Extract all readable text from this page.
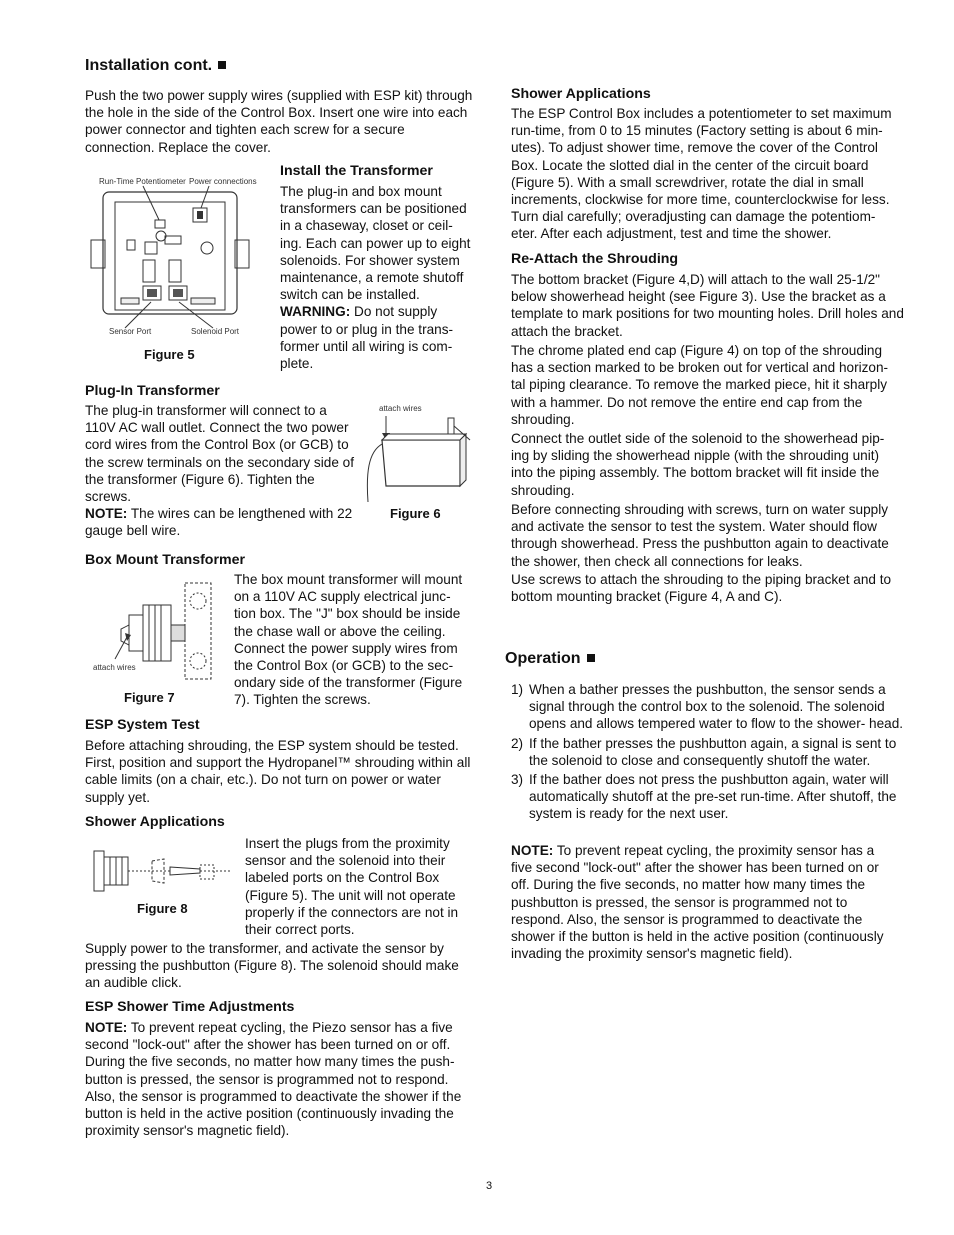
Installation cont.

Push the two power supply wires (supplied with ESP kit) through the hole in the side of the Control Box. Insert one wire into each power connector and tighten each screw for a secure connection. Replace the cover.

Run-Time Potentiometer Power connections
Sensor Port	Solenoid Port
Figure 5
Install the Transformer

The plug-in and box mount transformers can be positioned in a chaseway, closet or ceil- ing. Each can power up to eight solenoids. For shower system maintenance, a remote shutoff switch can be installed.
WARNING: Do not supply power to or plug in the trans- former until all wiring is com- plete.

Plug-In Transformer

The plug-in transformer will connect to a 110V AC wall outlet. Connect the two power cord wires from the Control Box (or GCB) to the screw terminals on the secondary side of the transformer (Figure 6). Tighten the screws.
NOTE: The wires can be lengthened with 22 gauge bell wire.

attach wires
Figure 6
Box Mount Transformer

The box mount transformer will mount on a 110V AC supply electrical junc- tion box. The "J" box should be inside the chase wall or above the ceiling. Connect the power supply wires from the Control Box (or GCB) to the sec- ondary side of the transformer (Figure 7). Tighten the screws.

attach wires
Figure 7
ESP System Test

Before attaching shrouding, the ESP system should be tested. First, position and support the Hydropanel™ shrouding within all cable limits (on a chair, etc.). Do not turn on power or water supply yet.

Shower Applications

Insert the plugs from the proximity sensor and the solenoid into their labeled ports on the Control Box (Figure 5). The unit will not operate properly if the connectors are not in their correct ports.

Figure 8

Supply power to the transformer, and activate the sensor by pressing the pushbutton (Figure 8). The solenoid should make an audible click.

ESP Shower Time Adjustments

NOTE: To prevent repeat cycling, the Piezo sensor has a five second "lock-out" after the shower has been turned on or off. During the five seconds, no matter how many times the push- button is pressed, the sensor is programmed not to respond. Also, the sensor is programmed to deactivate the shower if the button is held in the active position (continuously invading the proximity sensor's magnetic field).

Shower Applications

The ESP Control Box includes a potentiometer to set maximum run-time, from 0 to 15 minutes (Factory setting is about 6 min- utes). To adjust shower time, remove the cover of the Control Box. Locate the slotted dial in the center of the circuit board (Figure 5). With a small screwdriver, rotate the dial in small increments, clockwise for more time, counterclockwise for less. Turn dial carefully; overadjusting can damage the potentiom- eter. After each adjustment, test and time the shower.

Re-Attach the Shrouding

The bottom bracket (Figure 4,D) will attach to the wall 25-1/2" below showerhead height (see Figure 3). Use the bracket as a template to mark positions for two mounting holes. Drill holes and attach the bracket.

The chrome plated end cap (Figure 4) on top of the shrouding has a section marked to be broken out for vertical and horizon- tal piping clearance. To remove the marked piece, hit it sharply with a hammer. Do not remove the entire end cap from the shrouding.

Connect the outlet side of the solenoid to the showerhead pip- ing by sliding the showerhead nipple (with the shrouding unit) into the piping assembly. The bottom bracket will fit inside the shrouding.

Before connecting shrouding with screws, turn on water supply and activate the sensor to test the system. Water should flow through showerhead. Press the pushbutton again to deactivate the shower, then check all connections for leaks.

Use screws to attach the shrouding to the piping bracket and to bottom mounting bracket (Figure 4, A and C).

Operation
1) When a bather presses the pushbutton, the sensor sends a signal through the control box to the solenoid. The solenoid opens and allows tempered water to flow to the shower- head.
2) If the bather presses the pushbutton again, a signal is sent to the solenoid to close and consequently shutoff the water.
3) If the bather does not press the pushbutton again, water will automatically shutoff at the pre-set run-time. After shutoff, the system is ready for the next user.

NOTE: To prevent repeat cycling, the proximity sensor has a five second "lock-out" after the shower has been turned on or off. During the five seconds, no matter how many times the pushbutton is pressed, the sensor is programmed not to respond. Also, the sensor is programmed to deactivate the shower if the button is held in the active position (continuously invading the proximity sensor's magnetic field).

3
